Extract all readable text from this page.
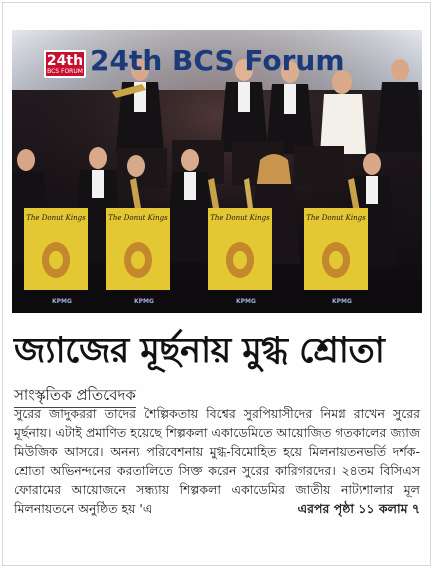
24th
BCS FORUM 24th BCS Forum
The Donut Kings	The Donut Kings	The Donut Kings	The Donut Kings
KPMG	KPMG	KPMG	KPMG
জ্যাজের মূর্ছনায় মুগ্ধ শ্রোতা
সাংস্কৃতিক প্রতিবেদক
সুরের জাদুকররা তাদের শৈল্পিকতায় বিশ্বের সুরপিয়াসীদের নিমগ্ন রাখেন সুরের মূর্ছনায়। এটাই প্রমাণিত হয়েছে শিল্পকলা একাডেমিতে আয়োজিত গতকালের জ্যাজ মিউজিক আসরে। অনন্য পরিবেশনায় মুগ্ধ-বিমোহিত হয়ে মিলনায়তনভর্তি দর্শক-শ্রোতা অভিনন্দনের করতালিতে সিক্ত করেন সুরের কারিগরদের। ২৪তম বিসিএস ফোরামের আয়োজনে সন্ধ্যায় শিল্পকলা একাডেমির জাতীয় নাট্যশালার মূল মিলনায়তনে অনুষ্ঠিত হয় 'এ	এরপর পৃষ্ঠা ১১ কলাম ৭
